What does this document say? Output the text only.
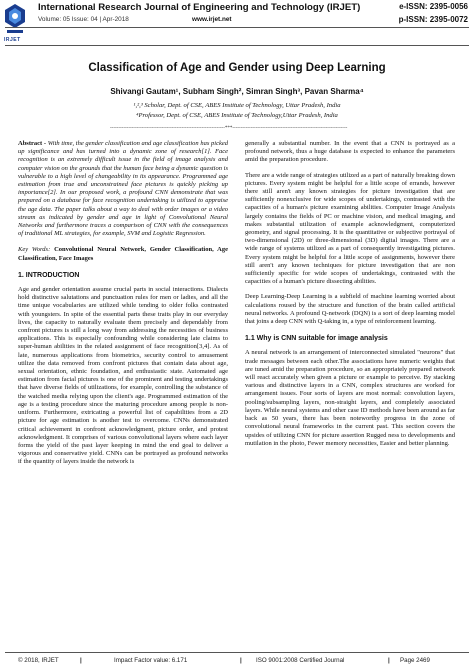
IRJET
International Research Journal of Engineering and Technology (IRJET)
Volume: 05 Issue: 04 | Apr-2018	www.irjet.net
e-ISSN: 2395-0056
p-ISSN: 2395-0072
Classification of Age and Gender using Deep Learning
Shivangi Gautam¹, Subham Singh², Simran Singh³, Pavan Sharma⁴
¹,²,³ Scholar, Dept. of CSE, ABES Institute of Technology, Uttar Pradesh, India
⁴Professor, Dept. of CSE, ABES Institute of Technology,Uttar Pradesh, India
---------------------------------------------------------------------***---------------------------------------------------------------------

Abstract - With time, the gender classification and age classification has picked up significance and has turned into a dynamic zone of research[1]. Face recognition is an extremely difficult issue in the field of image analysis and computer vision on the grounds that the human face being a dynamic question is vulnerable to a high level of changeability in its appearance. Programmed age estimation from true and unconstrained face pictures is quickly picking up importance[2]. In our proposed work, a profound CNN demonstrate that was prepared on a database for face recognition undertaking is utilized to appraise the age data. The paper talks about a way to deal with order images or a video stream as indicated by gender and age in light of Convolutional Neural Networks and furthermore traces a comparison of CNN with the consequences of traditional ML strategies, for example, SVM and Logistic Regression.

Key Words: Convolutional Neural Network, Gender Classification, Age Classification, Face Images

1. INTRODUCTION

Age and gender orientation assume crucial parts in social interactions. Dialects hold distinctive salutations and punctuation rules for men or ladies, and all the time unique vocabularies are utilized while tending to older folks contrasted with youngsters. In spite of the essential parts these traits play in our everyday lives, the capacity to naturally evaluate them precisely and dependably from confront pictures is still a long way from addressing the necessities of business applications. This is especially confounding while considering late claims to super-human abilities in the related assignment of face recognition[3,4]. As of late, numerous applications from biometrics, security control to amusement utilize the data removed from confront pictures that contain data about age, sexual orientation, ethnic foundation, and enthusiastic state. Automated age estimation from facial pictures is one of the prominent and testing undertakings that have diverse fields of utilizations, for example, controlling the substance of the watched media relying upon the client's age. Programmed estimation of the age is a testing procedure since the maturing procedure among people is non-uniform. Furthermore, extricating a powerful list of capabilities from a 2D picture for age estimation is another test to overcome. CNNs demonstrated critical achievement in confront acknowledgment, picture order, and protest acknowledgment. It comprises of various convolutional layers where each layer forms the yield of the past layer keeping in mind the end goal to deliver a vigorous and conservative yield. CNNs can be portrayed as profound networks if the quantity of layers inside the network is

generally a substantial number. In the event that a CNN is portrayed as a profound network, thus a huge database is expected to enhance the parameters amid the preparation procedure.

There are a wide range of strategies utilized as a part of naturally breaking down pictures. Every system might be helpful for a little scope of errands, however there still aren't any known strategies for picture investigation that are sufficiently nonexclusive for wide scopes of undertakings, contrasted with the capacities of a human's picture examining abilities. Computer Image Analysis largely contains the fields of PC or machine vision, and medical imaging, and makes substantial utilization of example acknowledgment, computerized geometry, and signal processing. It is the quantitative or subjective portrayal of two-dimensional (2D) or three-dimensional (3D) digital images. There are a wide range of systems utilized as a part of consequently investigating pictures. Every system might be helpful for a little scope of assignments, however there still aren't any known techniques for picture investigation that are non sufficiently specific for wide scopes of undertakings, contrasted with the capacities of a human's picture dissecting abilities.

Deep Learning-Deep Learning is a subfield of machine learning worried about calculations roused by the structure and function of the brain called artificial neural networks. A profound Q-network (DQN) is a sort of deep learning model that joins a deep CNN with Q-taking in, a type of reinforcement learning.

1.1 Why is CNN suitable for image analysis

A neural network is an arrangement of interconnected simulated "neurons" that trade messages between each other.The associations have numeric weights that are tuned amid the preparation procedure, so an appropriately prepared network will react accurately when given a picture or example to perceive. By stacking various and distinctive layers in a CNN, complex structures are worked for arrangement issues. Four sorts of layers are most normal: convolution layers, pooling/subsampling layers, non-straight layers, and completely associated layers. While neural systems and other case ID methods have been around as far back as 50 years, there has been noteworthy progress in the zone of convolutional neural frameworks in the current past. This section covers the upsides of utilizing CNN for picture assertion Rugged ness to developments and mutilation in the photo, Fewer memory necessities, Easier and better planning.

© 2018, IRJET	|	Impact Factor value: 6.171	| ISO 9001:2008 Certified Journal	| Page 2469
